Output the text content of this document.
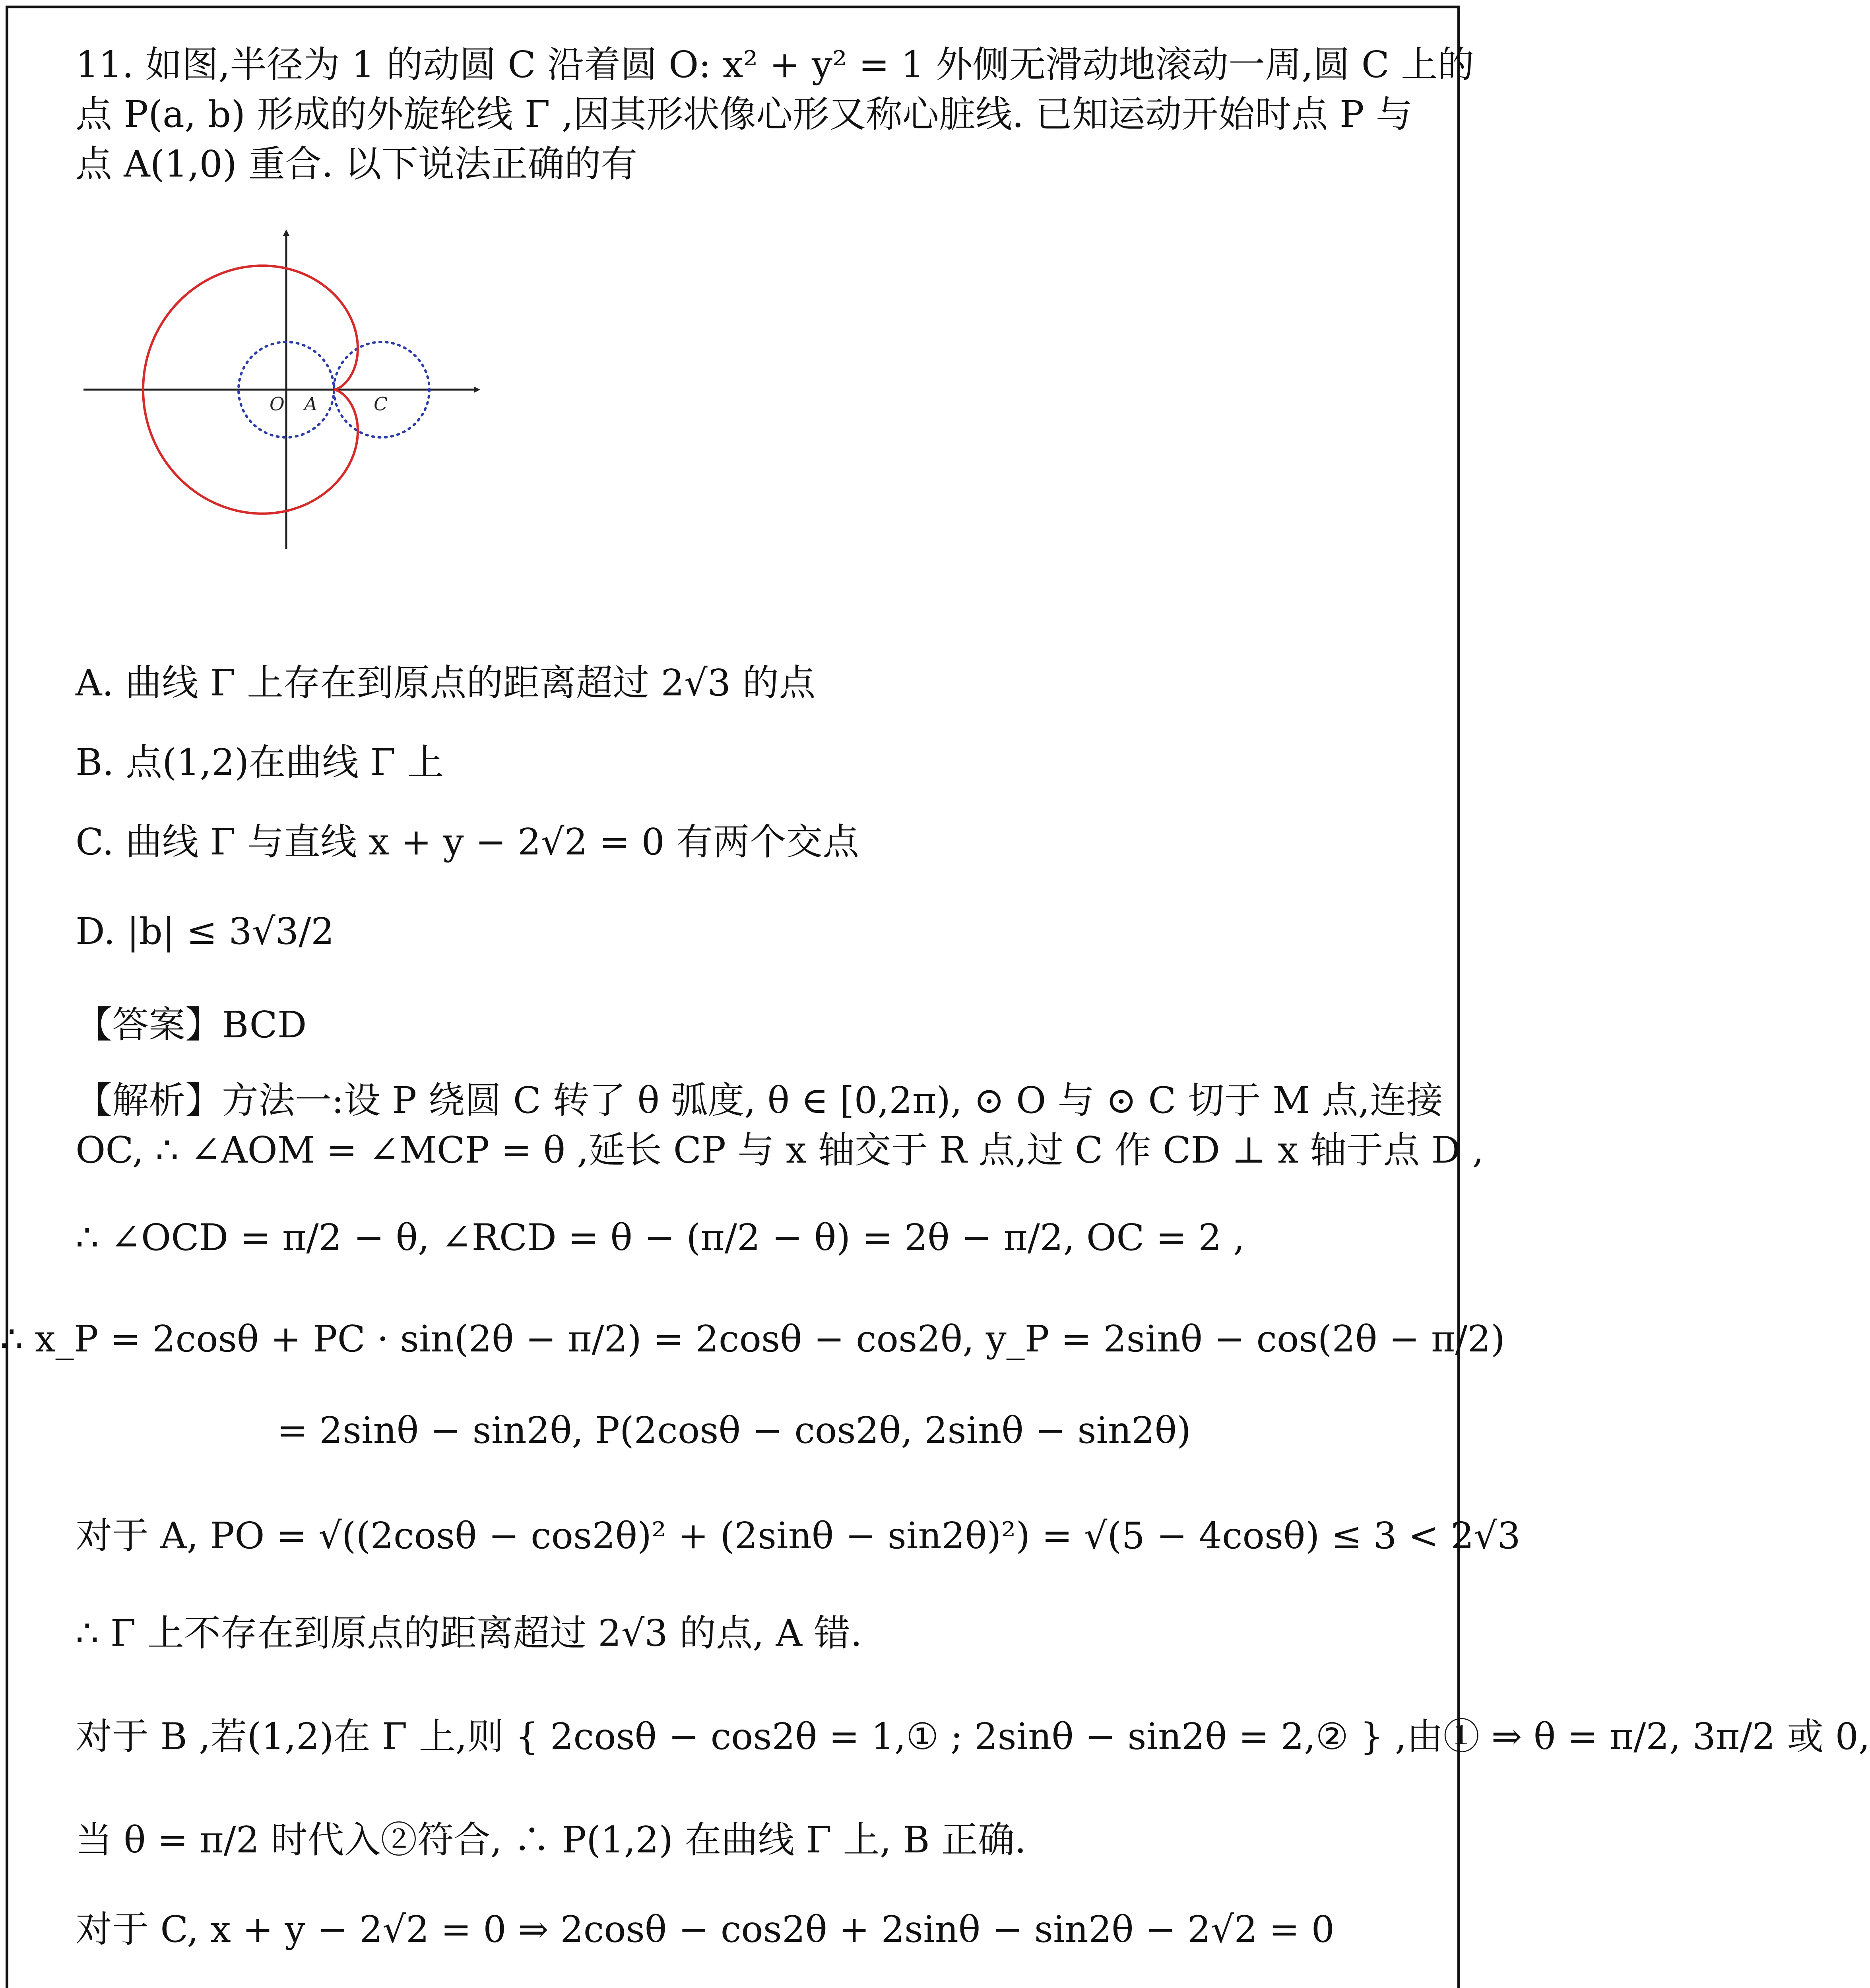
11. 如图,半径为 1 的动圆 C 沿着圆 O: x² + y² = 1 外侧无滑动地滚动一周,圆 C 上的
点 P(a, b) 形成的外旋轮线 Γ ,因其形状像心形又称心脏线. 已知运动开始时点 P 与
点 A(1,0) 重合. 以下说法正确的有
O A	C
A. 曲线 Γ 上存在到原点的距离超过 2√3 的点
B. 点(1,2)在曲线 Γ 上
C. 曲线 Γ 与直线 x + y − 2√2 = 0 有两个交点
D. |b| ≤ 3√3/2
【答案】BCD
【解析】方法一:设 P 绕圆 C 转了 θ 弧度, θ ∈ [0,2π), ⊙ O 与 ⊙ C 切于 M 点,连接
OC, ∴ ∠AOM = ∠MCP = θ ,延长 CP 与 x 轴交于 R 点,过 C 作 CD ⊥ x 轴于点 D ,
∴ ∠OCD = π/2 − θ, ∠RCD = θ − (π/2 − θ) = 2θ − π/2, OC = 2 ,
∴ x_P = 2cosθ + PC · sin(2θ − π/2) = 2cosθ − cos2θ, y_P = 2sinθ − cos(2θ − π/2)
= 2sinθ − sin2θ, P(2cosθ − cos2θ, 2sinθ − sin2θ)
对于 A, PO = √((2cosθ − cos2θ)² + (2sinθ − sin2θ)²) = √(5 − 4cosθ) ≤ 3 < 2√3
∴ Γ 上不存在到原点的距离超过 2√3 的点, A 错.
对于 B ,若(1,2)在 Γ 上,则 { 2cosθ − cos2θ = 1,① ; 2sinθ − sin2θ = 2,② } ,由① ⇒ θ = π/2, 3π/2 或 0,
当 θ = π/2 时代入②符合, ∴ P(1,2) 在曲线 Γ 上, B 正确.
对于 C, x + y − 2√2 = 0 ⇒ 2cosθ − cos2θ + 2sinθ − sin2θ − 2√2 = 0
